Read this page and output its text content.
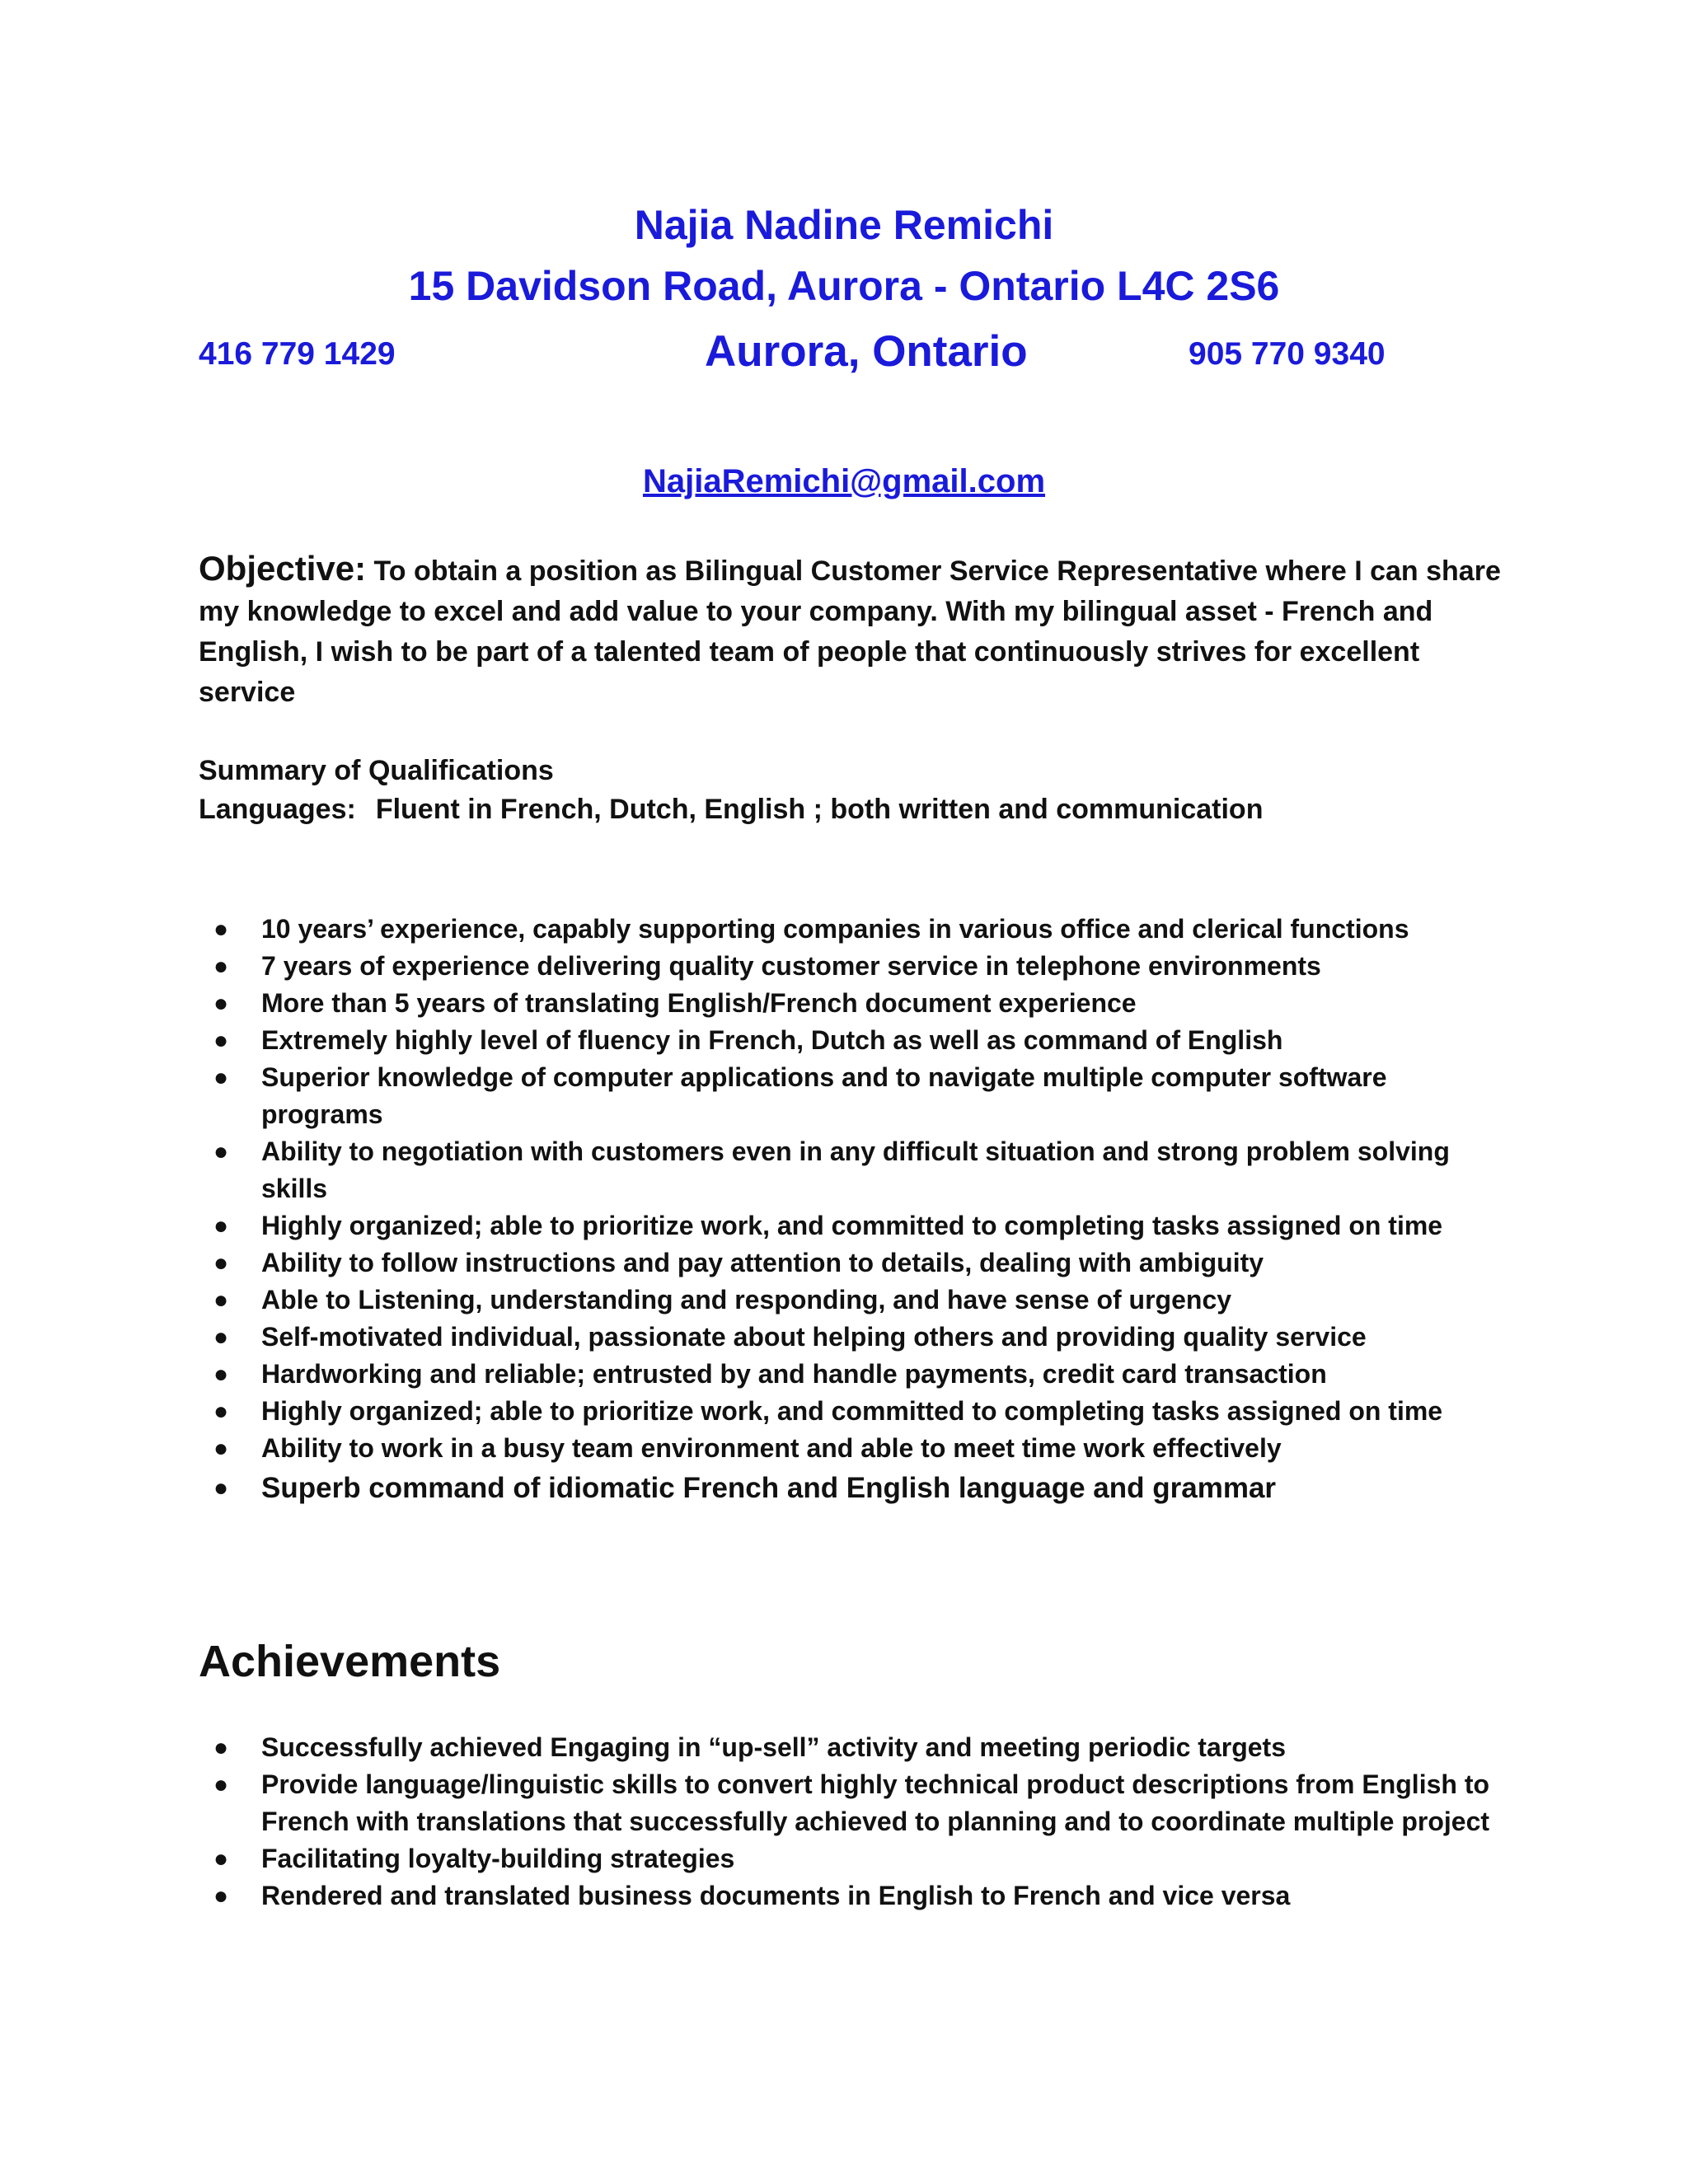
Najia Nadine Remichi
15 Davidson Road, Aurora - Ontario L4C 2S6
416 779 1429	Aurora, Ontario	905 770 9340
NajiaRemichi@gmail.com
Objective: To obtain a position as Bilingual Customer Service Representative where I can share my knowledge to excel and add value to your company. With my bilingual asset - French and English, I wish to be part of a talented team of people that continuously strives for excellent service
Summary of Qualifications
Languages: Fluent in French, Dutch, English ; both written and communication
● 10 years’ experience, capably supporting companies in various office and clerical functions
● 7 years of experience delivering quality customer service in telephone environments
● More than 5 years of translating English/French document experience
● Extremely highly level of fluency in French, Dutch as well as command of English
● Superior knowledge of computer applications and to navigate multiple computer software programs
● Ability to negotiation with customers even in any difficult situation and strong problem solving skills
● Highly organized; able to prioritize work, and committed to completing tasks assigned on time
● Ability to follow instructions and pay attention to details, dealing with ambiguity
● Able to Listening, understanding and responding, and have sense of urgency
● Self-motivated individual, passionate about helping others and providing quality service
● Hardworking and reliable; entrusted by and handle payments, credit card transaction
● Highly organized; able to prioritize work, and committed to completing tasks assigned on time
● Ability to work in a busy team environment and able to meet time work effectively
● Superb command of idiomatic French and English language and grammar
Achievements
● Successfully achieved Engaging in “up-sell” activity and meeting periodic targets
● Provide language/linguistic skills to convert highly technical product descriptions from English to French with translations that successfully achieved to planning and to coordinate multiple project
● Facilitating loyalty-building strategies
● Rendered and translated business documents in English to French and vice versa
